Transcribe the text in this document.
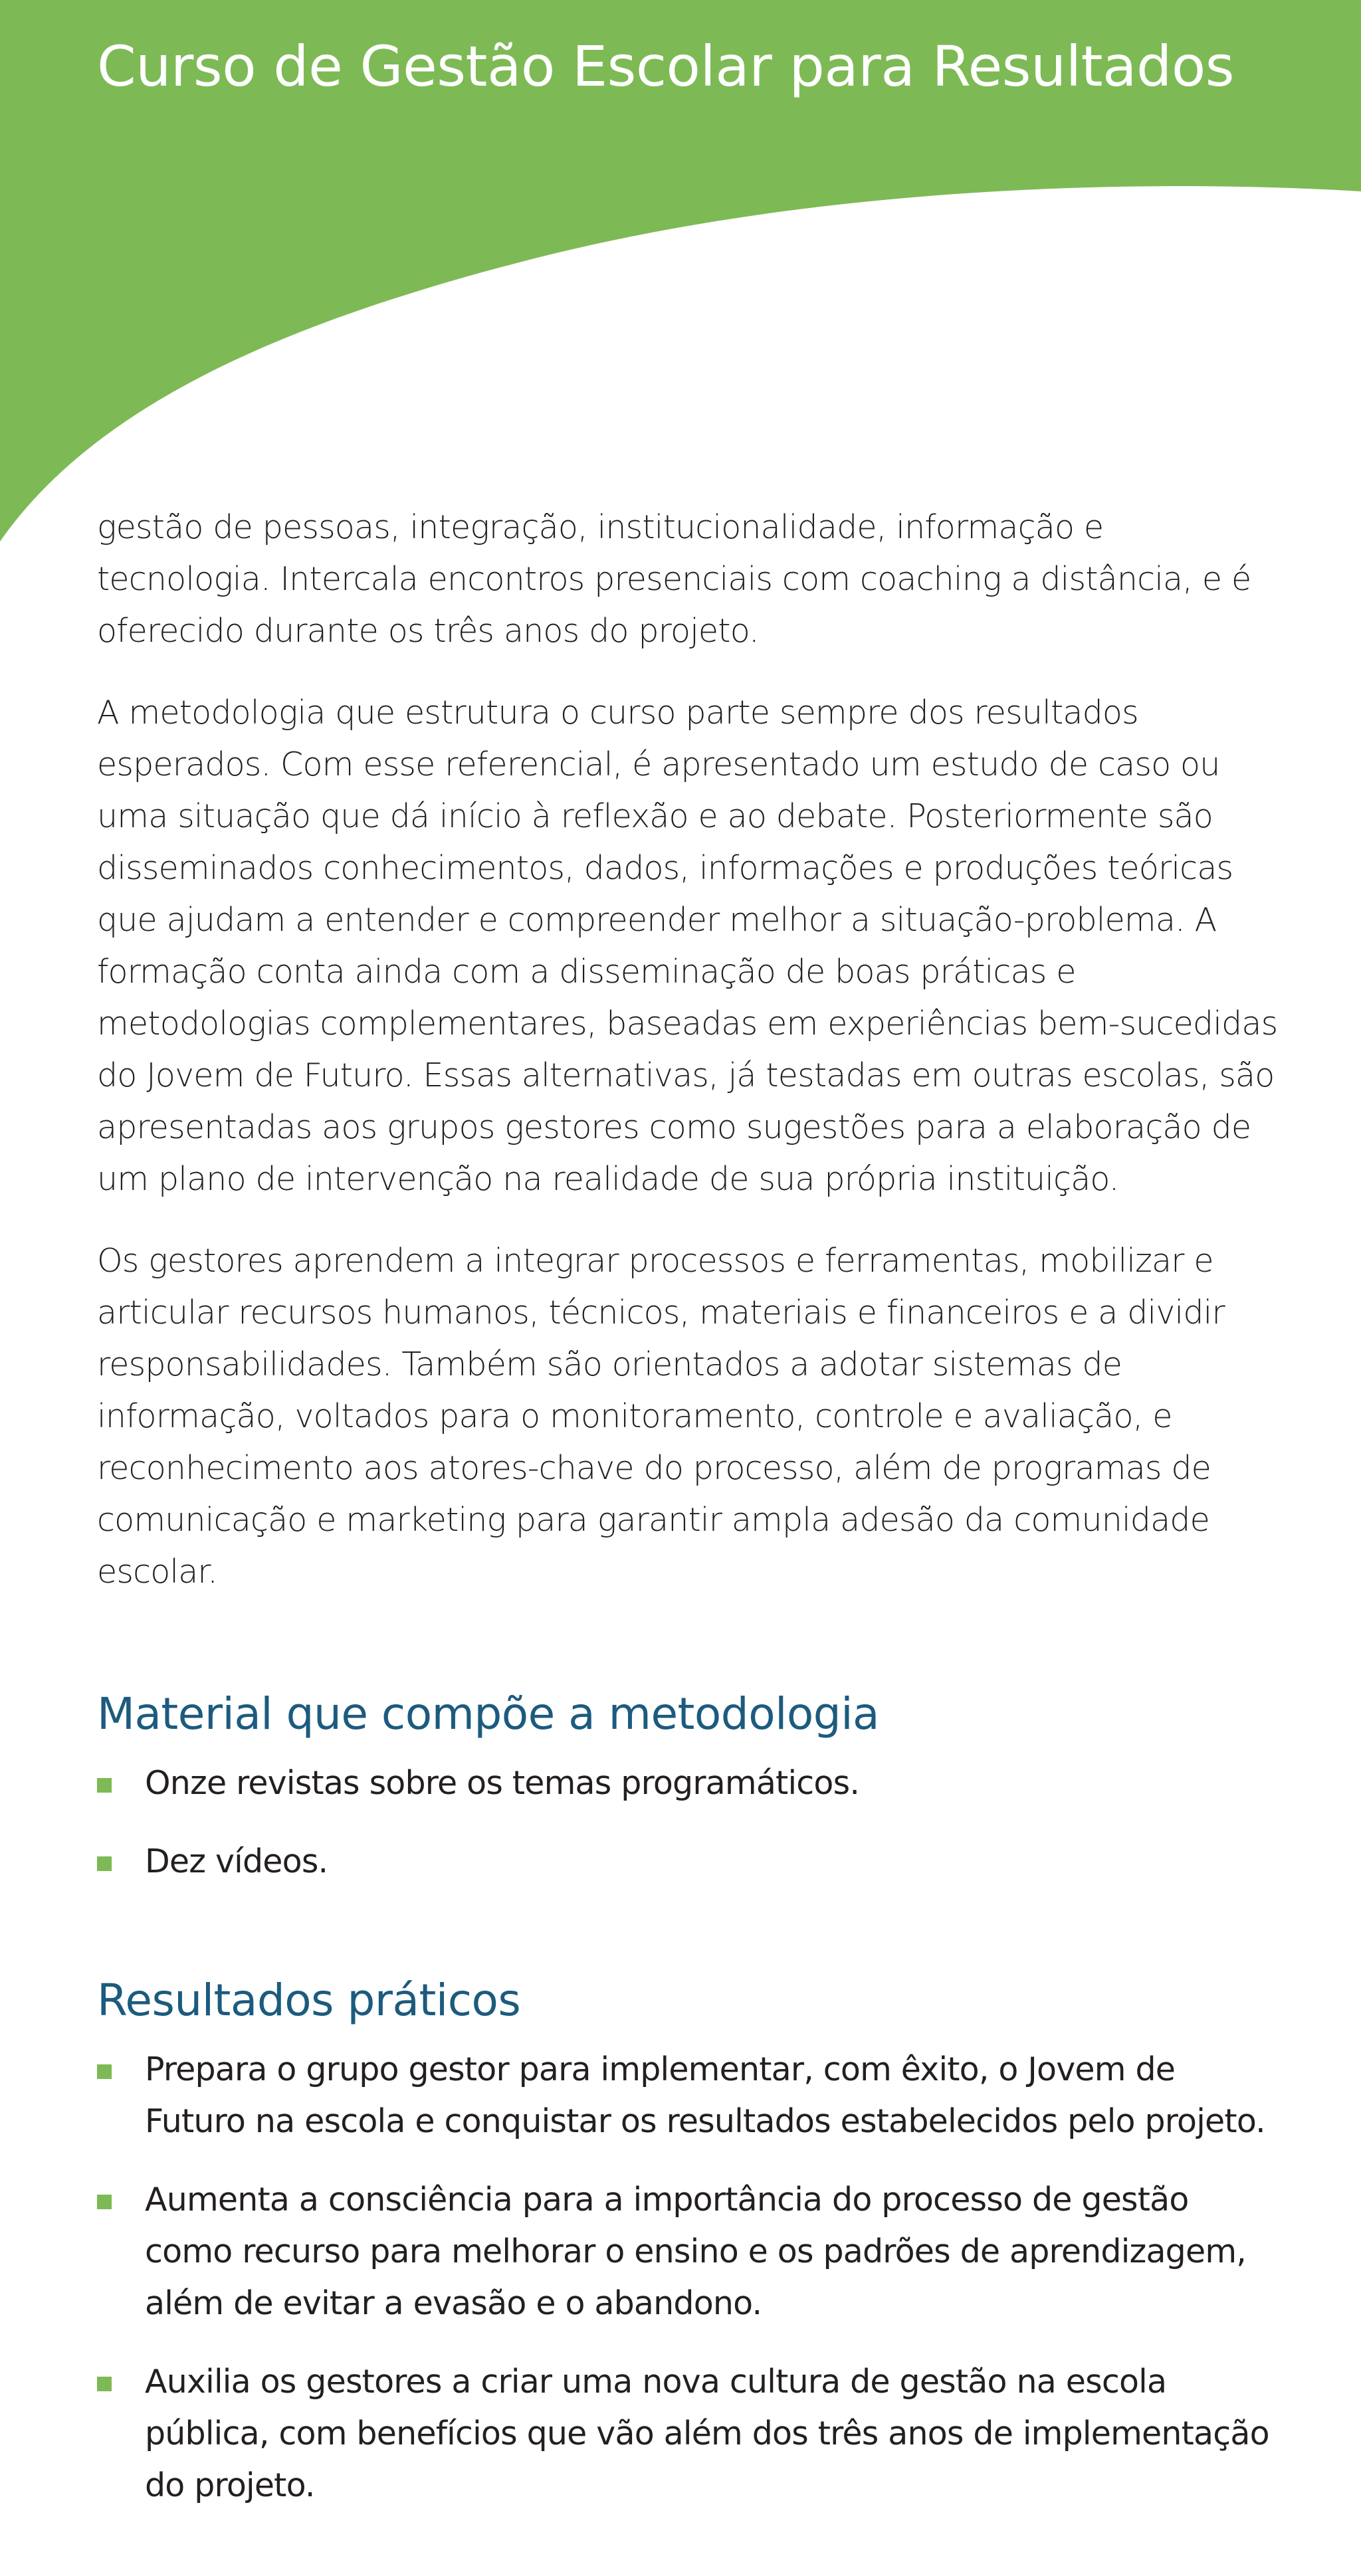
Curso de Gestão Escolar para Resultados

gestão de pessoas, integração, institucionalidade, informação e tecnologia. Intercala encontros presenciais com coaching a distância, e é oferecido durante os três anos do projeto.

A metodologia que estrutura o curso parte sempre dos resultados esperados. Com esse referencial, é apresentado um estudo de caso ou uma situação que dá início à reflexão e ao debate. Posteriormente são disseminados conhecimentos, dados, informações e produções teóricas que ajudam a entender e compreender melhor a situação-problema. A formação conta ainda com a disseminação de boas práticas e metodologias complementares, baseadas em experiências bem-sucedidas do Jovem de Futuro. Essas alternativas, já testadas em outras escolas, são apresentadas aos grupos gestores como sugestões para a elaboração de um plano de intervenção na realidade de sua própria instituição.

Os gestores aprendem a integrar processos e ferramentas, mobilizar e articular recursos humanos, técnicos, materiais e financeiros e a dividir responsabilidades. Também são orientados a adotar sistemas de informação, voltados para o monitoramento, controle e avaliação, e reconhecimento aos atores-chave do processo, além de programas de comunicação e marketing para garantir ampla adesão da comunidade escolar.

Material que compõe a metodologia
Onze revistas sobre os temas programáticos.
Dez vídeos.
Resultados práticos
Prepara o grupo gestor para implementar, com êxito, o Jovem de Futuro na escola e conquistar os resultados estabelecidos pelo projeto.
Aumenta a consciência para a importância do processo de gestão como recurso para melhorar o ensino e os padrões de aprendizagem, além de evitar a evasão e o abandono.
Auxilia os gestores a criar uma nova cultura de gestão na escola pública, com benefícios que vão além dos três anos de implementação do projeto.
